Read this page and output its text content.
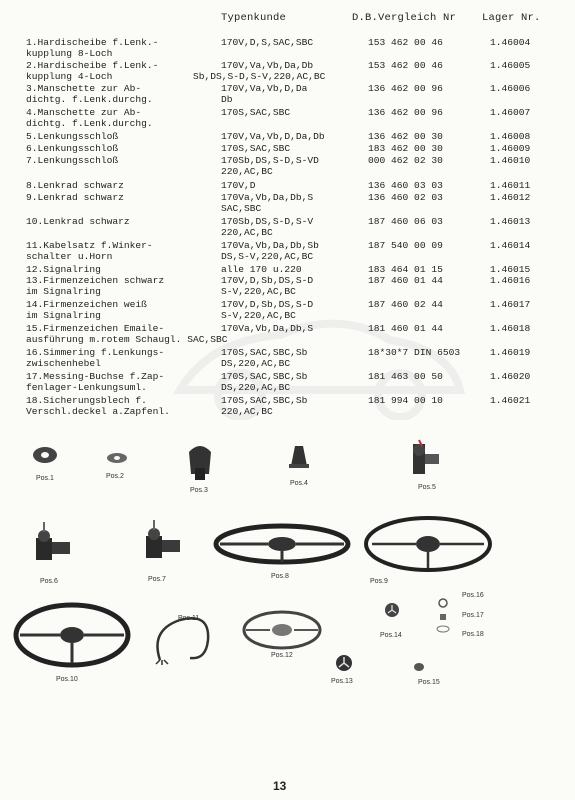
Typenkunde	D.B.Vergleich Nr Lager Nr.
1.Hardischeibe f.Lenk.-	170V,D,S,SAC,SBC	153 462 00 46	1.46004
kupplung 8-Loch
2.Hardischeibe f.Lenk.-	170V,Va,Vb,Da,Db	153 462 00 46	1.46005
kupplung 4-Loch	Sb,DS,S-D,S-V,220,AC,BC
3.Manschette zur Ab-	170V,Va,Vb,D,Da	136 462 00 96	1.46006
dichtg. f.Lenk.durchg.	Db
4.Manschette zur Ab-	170S,SAC,SBC	136 462 00 96	1.46007
dichtg. f.Lenk.durchg.
5.Lenkungsschloß	170V,Va,Vb,D,Da,Db	136 462 00 30	1.46008
6.Lenkungsschloß	170S,SAC,SBC	183 462 00 30	1.46009
7.Lenkungsschloß	170Sb,DS,S-D,S-VD	000 462 02 30	1.46010
220,AC,BC
8.Lenkrad schwarz	170V,D	136 460 03 03	1.46011
9.Lenkrad schwarz	170Va,Vb,Da,Db,S	136 460 02 03	1.46012
SAC,SBC
10.Lenkrad schwarz	170Sb,DS,S-D,S-V	187 460 06 03	1.46013
220,AC,BC
11.Kabelsatz f.Winker-	170Va,Vb,Da,Db,Sb	187 540 00 09	1.46014
schalter u.Horn	DS,S-V,220,AC,BC
12.Signalring	alle 170 u.220	183 464 01 15	1.46015
13.Firmenzeichen schwarz	170V,D,Sb,DS,S-D	187 460 01 44	1.46016
im Signalring	S-V,220,AC,BC
14.Firmenzeichen weiß	170V,D,Sb,DS,S-D	187 460 02 44	1.46017
im Signalring	S-V,220,AC,BC
15.Firmenzeichen Emaile-	170Va,Vb,Da,Db,S	181 460 01 44	1.46018
ausführung m.rotem Schaugl. SAC,SBC
16.Simmering f.Lenkungs-	170S,SAC,SBC,Sb	18*30*7 DIN 6503	1.46019
zwischenhebel	DS,220,AC,BC
17.Messing-Buchse f.Zap-	170S,SAC,SBC,Sb	181 463 00 50	1.46020
fenlager-Lenkungsuml.	DS,220,AC,BC
18.Sicherungsblech f.	170S,SAC,SBC,Sb	181 994 00 10	1.46021
Verschl.deckel a.Zapfenl.	220,AC,BC
Pos.1	Pos.2
Pos.3
Pos.4
Pos.5
Pos.6	Pos.7	Pos.8
Pos.9
Pos.10
Pos.11
Pos.12
Pos.13
Pos.14
Pos.15
Pos.16
Pos.17
Pos.18
13
